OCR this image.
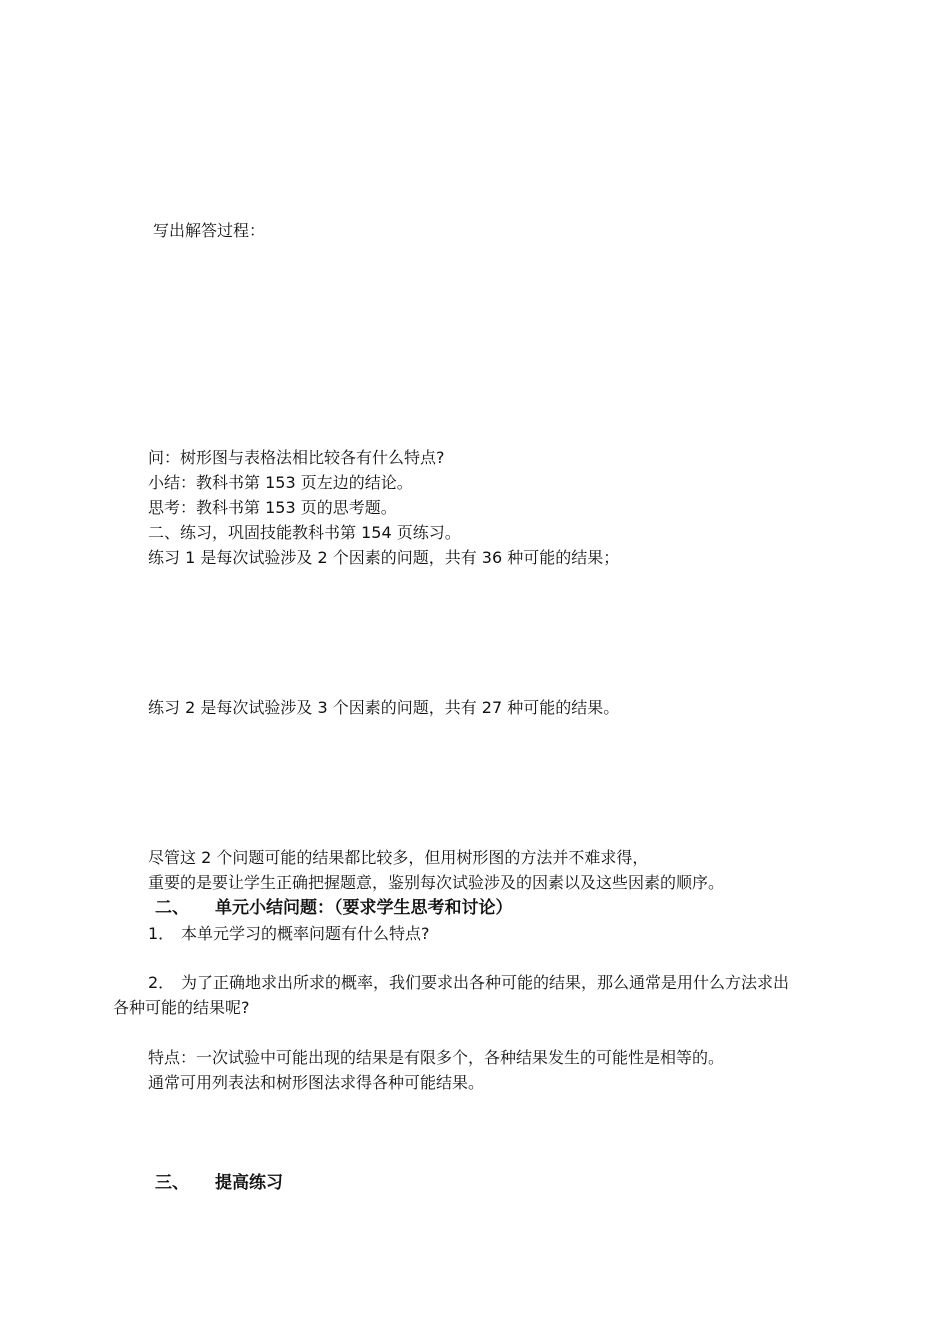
写出解答过程：
问：树形图与表格法相比较各有什么特点?
小结：教科书第 153 页左边的结论。
思考：教科书第 153 页的思考题。
二、练习，巩固技能教科书第 154 页练习。
练习 1 是每次试验涉及 2 个因素的问题，共有 36 种可能的结果；
练习 2 是每次试验涉及 3 个因素的问题，共有 27 种可能的结果。
尽管这 2 个问题可能的结果都比较多，但用树形图的方法并不难求得，
重要的是要让学生正确把握题意，鉴别每次试验涉及的因素以及这些因素的顺序。
二、 单元小结问题：（要求学生思考和讨论）
1． 本单元学习的概率问题有什么特点?
2． 为了正确地求出所求的概率，我们要求出各种可能的结果，那么通常是用什么方法求出
各种可能的结果呢?
特点：一次试验中可能出现的结果是有限多个，各种结果发生的可能性是相等的。
通常可用列表法和树形图法求得各种可能结果。
三、 提高练习
